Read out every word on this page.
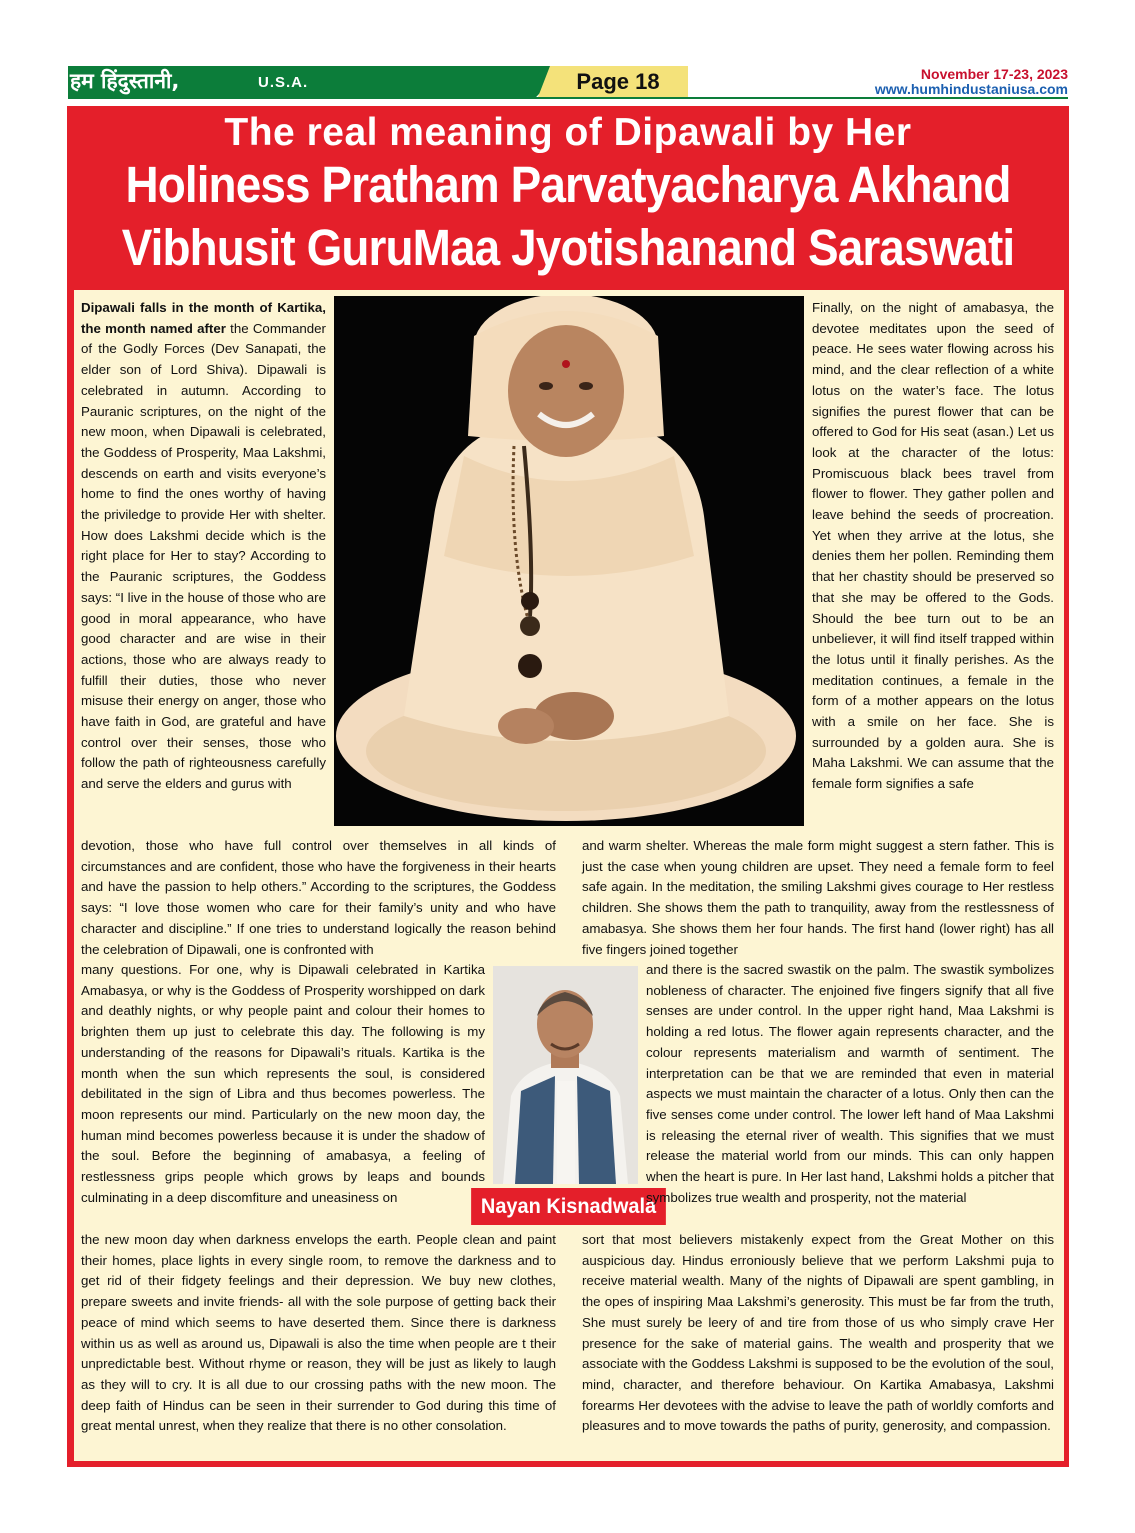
हम हिंदुस्तानी,	U.S.A.	Page 18	November 17-23, 2023
www.humhindustaniusa.com
The real meaning of Dipawali by Her
Holiness Pratham Parvatyacharya Akhand
Vibhusit GuruMaa Jyotishanand Saraswati
Nayan Kisnadwala

Dipawali falls in the month of Kartika, the month named after the Commander of the Godly Forces (Dev Sanapati, the elder son of Lord Shiva). Dipawali is celebrated in autumn. According to Pauranic scriptures, on the night of the new moon, when Dipawali is celebrated, the Goddess of Prosperity, Maa Lakshmi, descends on earth and visits everyone’s home to find the ones worthy of having the priviledge to provide Her with shelter. How does Lakshmi decide which is the right place for Her to stay? According to the Pauranic scriptures, the Goddess says: “I live in the house of those who are good in moral appearance, who have good character and are wise in their actions, those who are always ready to fulfill their duties, those who never misuse their energy on anger, those who have faith in God, are grateful and have control over their senses, those who follow the path of righteousness carefully and serve the elders and gurus with

Finally, on the night of amabasya, the devotee meditates upon the seed of peace. He sees water flowing across his mind, and the clear reflection of a white lotus on the water’s face. The lotus signifies the purest flower that can be offered to God for His seat (asan.) Let us look at the character of the lotus: Promiscuous black bees travel from flower to flower. They gather pollen and leave behind the seeds of procreation. Yet when they arrive at the lotus, she denies them her pollen. Reminding them that her chastity should be preserved so that she may be offered to the Gods. Should the bee turn out to be an unbeliever, it will find itself trapped within the lotus until it finally perishes. As the meditation continues, a female in the form of a mother appears on the lotus with a smile on her face. She is surrounded by a golden aura. She is Maha Lakshmi. We can assume that the female form signifies a safe
devotion, those who have full control over themselves in all kinds of circumstances and are confident, those who have the forgiveness in their hearts and have the passion to help others.” According to the scriptures, the Goddess says: “I love those women who care for their family’s unity and who have character and discipline.” If one tries to understand logically the reason behind the celebration of Dipawali, one is confronted with
and warm shelter. Whereas the male form might suggest a stern father. This is just the case when young children are upset. They need a female form to feel safe again. In the meditation, the smiling Lakshmi gives courage to Her restless children. She shows them the path to tranquility, away from the restlessness of amabasya. She shows them her four hands. The first hand (lower right) has all five fingers joined together
many questions. For one, why is Dipawali celebrated in Kartika Amabasya, or why is the Goddess of Prosperity worshipped on dark and deathly nights, or why people paint and colour their homes to brighten them up just to celebrate this day. The following is my understanding of the reasons for Dipawali’s rituals. Kartika is the month when the sun which represents the soul, is considered debilitated in the sign of Libra and thus becomes powerless. The moon represents our mind. Particularly on the new moon day, the human mind becomes powerless because it is under the shadow of the soul. Before the beginning of amabasya, a feeling of restlessness grips people which grows by leaps and bounds culminating in a deep discomfiture and uneasiness on
and there is the sacred swastik on the palm. The swastik symbolizes nobleness of character. The enjoined five fingers signify that all five senses are under control. In the upper right hand, Maa Lakshmi is holding a red lotus. The flower again represents character, and the colour represents materialism and warmth of sentiment. The interpretation can be that we are reminded that even in material aspects we must maintain the character of a lotus. Only then can the five senses come under control. The lower left hand of Maa Lakshmi is releasing the eternal river of wealth. This signifies that we must release the material world from our minds. This can only happen when the heart is pure. In Her last hand, Lakshmi holds a pitcher that symbolizes true wealth and prosperity, not the material
the new moon day when darkness envelops the earth. People clean and paint their homes, place lights in every single room, to remove the darkness and to get rid of their fidgety feelings and their depression. We buy new clothes, prepare sweets and invite friends- all with the sole purpose of getting back their peace of mind which seems to have deserted them. Since there is darkness within us as well as around us, Dipawali is also the time when people are t their unpredictable best. Without rhyme or reason, they will be just as likely to laugh as they will to cry. It is all due to our crossing paths with the new moon. The deep faith of Hindus can be seen in their surrender to God during this time of great mental unrest, when they realize that there is no other consolation.
sort that most believers mistakenly expect from the Great Mother on this auspicious day. Hindus erroniously believe that we perform Lakshmi puja to receive material wealth. Many of the nights of Dipawali are spent gambling, in the opes of inspiring Maa Lakshmi’s generosity. This must be far from the truth, She must surely be leery of and tire from those of us who simply crave Her presence for the sake of material gains. The wealth and prosperity that we associate with the Goddess Lakshmi is supposed to be the evolution of the soul, mind, character, and therefore behaviour. On Kartika Amabasya, Lakshmi forearms Her devotees with the advise to leave the path of worldly comforts and pleasures and to move towards the paths of purity, generosity, and compassion.
